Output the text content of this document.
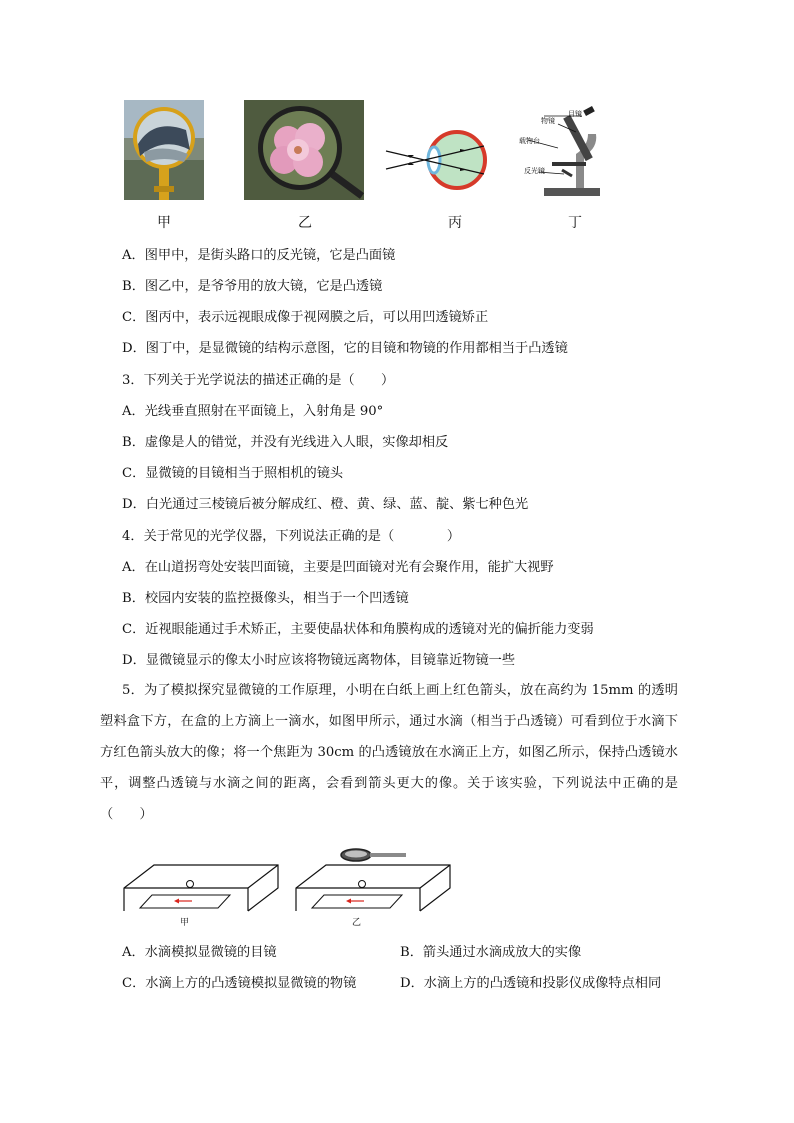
甲	乙	丙
目镜
物镜
载物台
反光镜
丁
A．图甲中，是街头路口的反光镜，它是凸面镜
B．图乙中，是爷爷用的放大镜，它是凸透镜
C．图丙中，表示远视眼成像于视网膜之后，可以用凹透镜矫正
D．图丁中，是显微镜的结构示意图，它的目镜和物镜的作用都相当于凸透镜
3．下列关于光学说法的描述正确的是（　　）
A．光线垂直照射在平面镜上，入射角是 90°
B．虚像是人的错觉，并没有光线进入人眼，实像却相反
C．显微镜的目镜相当于照相机的镜头
D．白光通过三棱镜后被分解成红、橙、黄、绿、蓝、靛、紫七种色光
4．关于常见的光学仪器，下列说法正确的是（　　　　）
A．在山道拐弯处安装凹面镜，主要是凹面镜对光有会聚作用，能扩大视野
B．校园内安装的监控摄像头，相当于一个凹透镜
C．近视眼能通过手术矫正，主要使晶状体和角膜构成的透镜对光的偏折能力变弱
D．显微镜显示的像太小时应该将物镜远离物体，目镜靠近物镜一些
5．为了模拟探究显微镜的工作原理，小明在白纸上画上红色箭头，放在高约为 15mm 的透明塑料盒下方，在盒的上方滴上一滴水，如图甲所示，通过水滴（相当于凸透镜）可看到位于水滴下方红色箭头放大的像；将一个焦距为 30cm 的凸透镜放在水滴正上方，如图乙所示，保持凸透镜水平，调整凸透镜与水滴之间的距离，会看到箭头更大的像。关于该实验，下列说法中正确的是（　　）
甲	乙
A．水滴模拟显微镜的目镜	B．箭头通过水滴成放大的实像
C．水滴上方的凸透镜模拟显微镜的物镜	D．水滴上方的凸透镜和投影仪成像特点相同
